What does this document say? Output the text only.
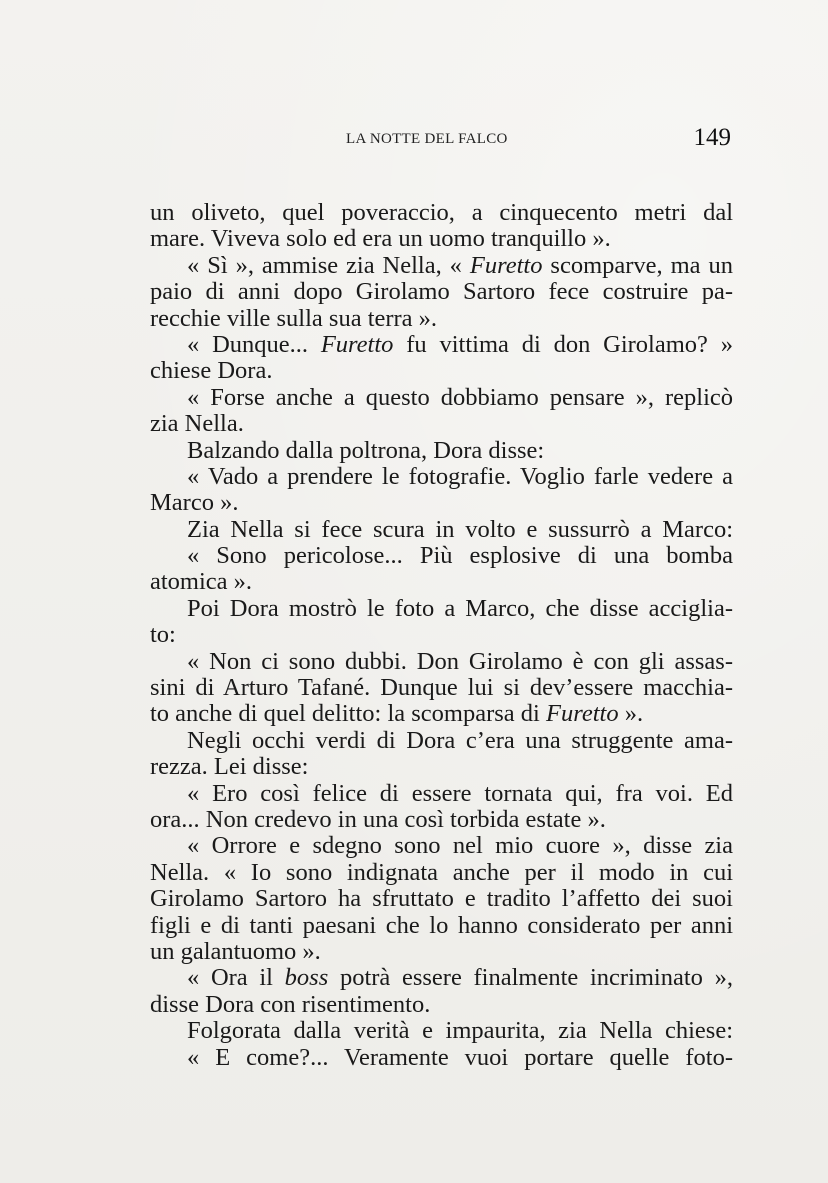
LA NOTTE DEL FALCO	149
un oliveto, quel poveraccio, a cinquecento metri dal
mare. Viveva solo ed era un uomo tranquillo ».
« Sì », ammise zia Nella, « Furetto scomparve, ma un
paio di anni dopo Girolamo Sartoro fece costruire pa-
recchie ville sulla sua terra ».
« Dunque... Furetto fu vittima di don Girolamo? »
chiese Dora.
« Forse anche a questo dobbiamo pensare », replicò
zia Nella.
Balzando dalla poltrona, Dora disse:
« Vado a prendere le fotografie. Voglio farle vedere a
Marco ».
Zia Nella si fece scura in volto e sussurrò a Marco:
« Sono pericolose... Più esplosive di una bomba
atomica ».
Poi Dora mostrò le foto a Marco, che disse acciglia-
to:
« Non ci sono dubbi. Don Girolamo è con gli assas-
sini di Arturo Tafané. Dunque lui si dev’essere macchia-
to anche di quel delitto: la scomparsa di Furetto ».
Negli occhi verdi di Dora c’era una struggente ama-
rezza. Lei disse:
« Ero così felice di essere tornata qui, fra voi. Ed
ora... Non credevo in una così torbida estate ».
« Orrore e sdegno sono nel mio cuore », disse zia
Nella. « Io sono indignata anche per il modo in cui
Girolamo Sartoro ha sfruttato e tradito l’affetto dei suoi
figli e di tanti paesani che lo hanno considerato per anni
un galantuomo ».
« Ora il boss potrà essere finalmente incriminato »,
disse Dora con risentimento.
Folgorata dalla verità e impaurita, zia Nella chiese:
« E come?... Veramente vuoi portare quelle foto-
